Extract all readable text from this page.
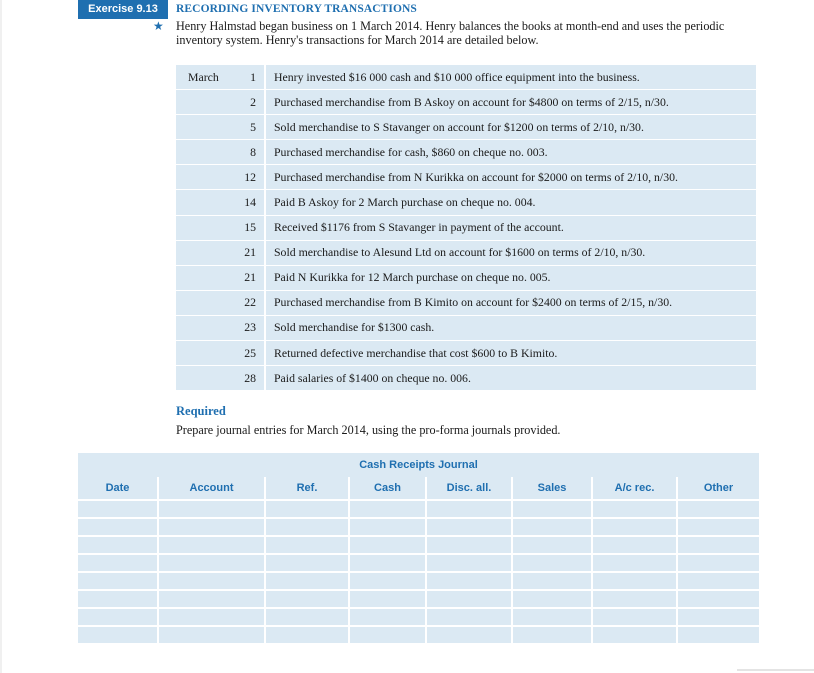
Exercise 9.13	RECORDING INVENTORY TRANSACTIONS
★ Henry Halmstad began business on 1 March 2014. Henry balances the books at month-end and uses the periodic inventory system. Henry's transactions for March 2014 are detailed below.
March	1	Henry invested $16 000 cash and $10 000 office equipment into the business.
	2	Purchased merchandise from B Askoy on account for $4800 on terms of 2/15, n/30.
	5	Sold merchandise to S Stavanger on account for $1200 on terms of 2/10, n/30.
	8	Purchased merchandise for cash, $860 on cheque no. 003.
	12	Purchased merchandise from N Kurikka on account for $2000 on terms of 2/10, n/30.
	14	Paid B Askoy for 2 March purchase on cheque no. 004.
	15	Received $1176 from S Stavanger in payment of the account.
	21	Sold merchandise to Alesund Ltd on account for $1600 on terms of 2/10, n/30.
	21	Paid N Kurikka for 12 March purchase on cheque no. 005.
	22	Purchased merchandise from B Kimito on account for $2400 on terms of 2/15, n/30.
	23	Sold merchandise for $1300 cash.
	25	Returned defective merchandise that cost $600 to B Kimito.
	28	Paid salaries of $1400 on cheque no. 006.
Required
Prepare journal entries for March 2014, using the pro-forma journals provided.
Cash Receipts Journal							
Date	Account	Ref.	Cash	Disc. all.	Sales	A/c rec.	Other
